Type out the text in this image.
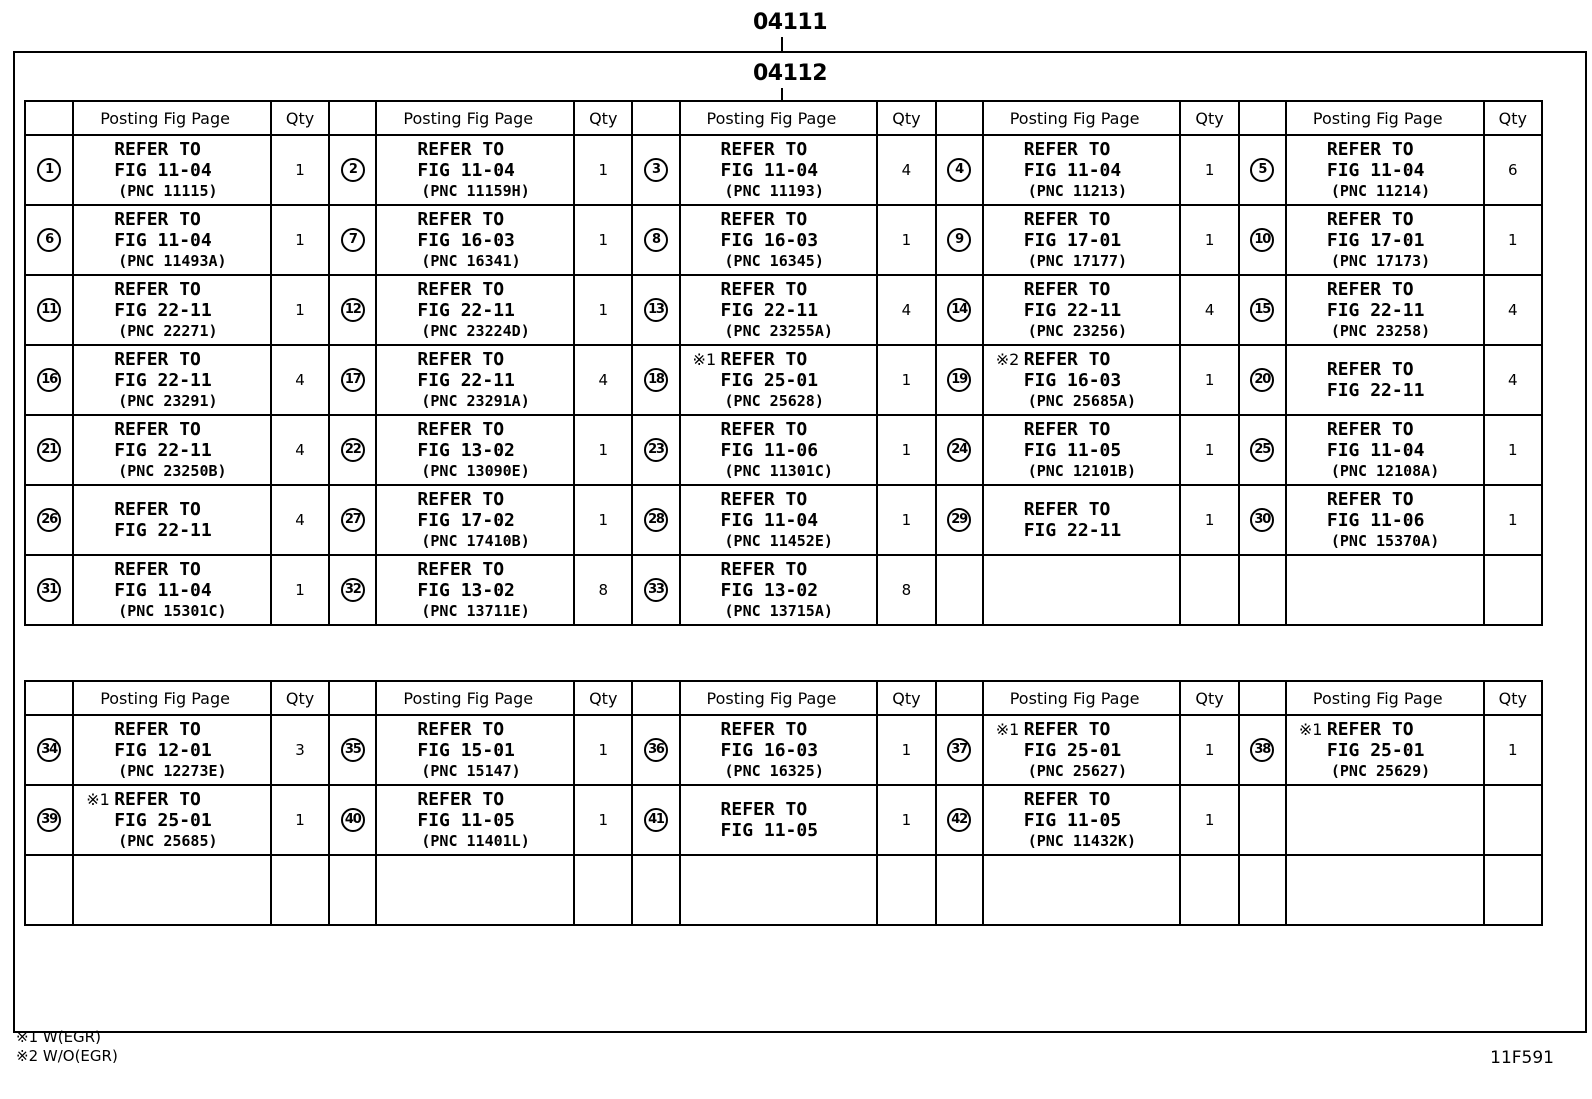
04111
04112
	Posting Fig Page	Qty		Posting Fig Page	Qty		Posting Fig Page	Qty		Posting Fig Page	Qty		Posting Fig Page	Qty
1	REFER TO
FIG 11-04
(PNC 11115)	1	2	REFER TO
FIG 11-04
(PNC 11159H)	1	3	REFER TO
FIG 11-04
(PNC 11193)	4	4	REFER TO
FIG 11-04
(PNC 11213)	1	5	REFER TO
FIG 11-04
(PNC 11214)	6
6	REFER TO
FIG 11-04
(PNC 11493A)	1	7	REFER TO
FIG 16-03
(PNC 16341)	1	8	REFER TO
FIG 16-03
(PNC 16345)	1	9	REFER TO
FIG 17-01
(PNC 17177)	1	10	REFER TO
FIG 17-01
(PNC 17173)	1
11	REFER TO
FIG 22-11
(PNC 22271)	1	12	REFER TO
FIG 22-11
(PNC 23224D)	1	13	REFER TO
FIG 22-11
(PNC 23255A)	4	14	REFER TO
FIG 22-11
(PNC 23256)	4	15	REFER TO
FIG 22-11
(PNC 23258)	4
16	REFER TO
FIG 22-11
(PNC 23291)	4	17	REFER TO
FIG 22-11
(PNC 23291A)	4	18	※1 REFER TO
FIG 25-01
(PNC 25628)	1	19	※2 REFER TO
FIG 16-03
(PNC 25685A)	1	20	REFER TO
FIG 22-11	4
21	REFER TO
FIG 22-11
(PNC 23250B)	4	22	REFER TO
FIG 13-02
(PNC 13090E)	1	23	REFER TO
FIG 11-06
(PNC 11301C)	1	24	REFER TO
FIG 11-05
(PNC 12101B)	1	25	REFER TO
FIG 11-04
(PNC 12108A)	1
26	REFER TO
FIG 22-11	4	27	REFER TO
FIG 17-02
(PNC 17410B)	1	28	REFER TO
FIG 11-04
(PNC 11452E)	1	29	REFER TO
FIG 22-11	1	30	REFER TO
FIG 11-06
(PNC 15370A)	1
31	REFER TO
FIG 11-04
(PNC 15301C)	1	32	REFER TO
FIG 13-02
(PNC 13711E)	8	33	REFER TO
FIG 13-02
(PNC 13715A)	8						
	Posting Fig Page	Qty		Posting Fig Page	Qty		Posting Fig Page	Qty		Posting Fig Page	Qty		Posting Fig Page	Qty
34	REFER TO
FIG 12-01
(PNC 12273E)	3	35	REFER TO
FIG 15-01
(PNC 15147)	1	36	REFER TO
FIG 16-03
(PNC 16325)	1	37	※1 REFER TO
FIG 25-01
(PNC 25627)	1	38	※1 REFER TO
FIG 25-01
(PNC 25629)	1
39	※1 REFER TO
FIG 25-01
(PNC 25685)	1	40	REFER TO
FIG 11-05
(PNC 11401L)	1	41	REFER TO
FIG 11-05	1	42	REFER TO
FIG 11-05
(PNC 11432K)	1			

※1 W(EGR)
※2 W/O(EGR)	11F591
